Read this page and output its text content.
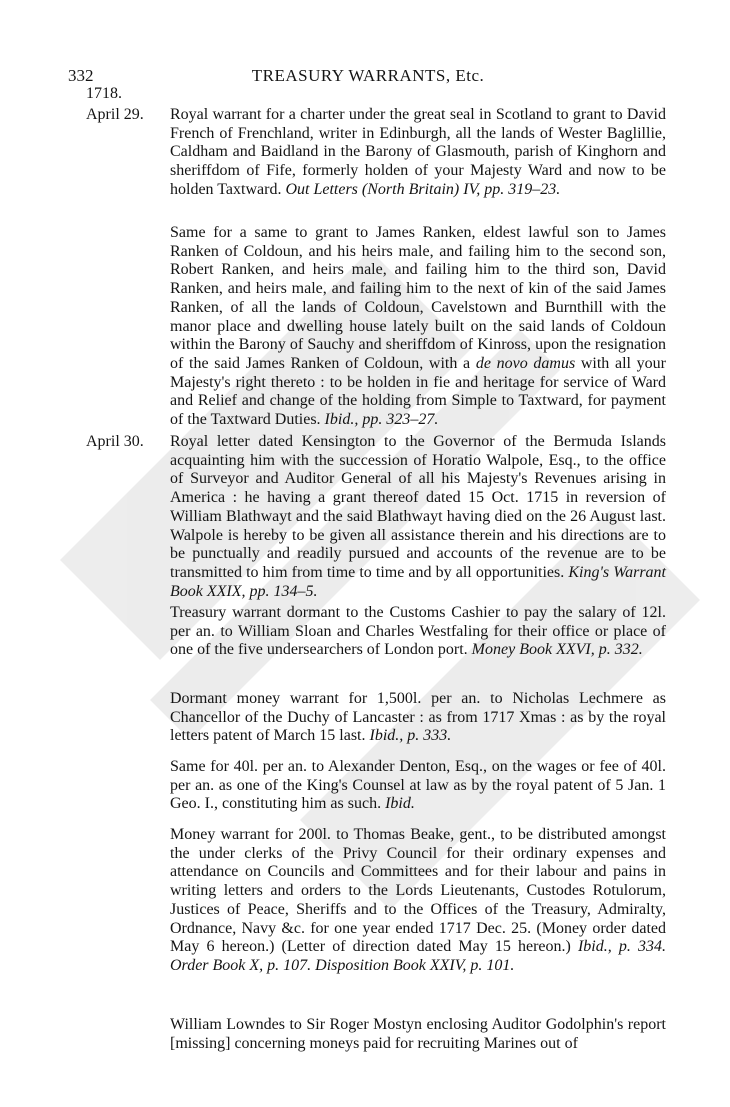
332	TREASURY WARRANTS, Etc.
1718.
April 29. Royal warrant for a charter under the great seal in Scotland to grant to David French of Frenchland, writer in Edinburgh, all the lands of Wester Baglillie, Caldham and Baidland in the Barony of Glasmouth, parish of Kinghorn and sheriffdom of Fife, formerly holden of your Majesty Ward and now to be holden Taxtward. Out Letters (North Britain) IV, pp. 319–23.
Same for a same to grant to James Ranken, eldest lawful son to James Ranken of Coldoun, and his heirs male, and failing him to the second son, Robert Ranken, and heirs male, and failing him to the third son, David Ranken, and heirs male, and failing him to the next of kin of the said James Ranken, of all the lands of Coldoun, Cavelstown and Burnthill with the manor place and dwelling house lately built on the said lands of Coldoun within the Barony of Sauchy and sheriffdom of Kinross, upon the resignation of the said James Ranken of Coldoun, with a de novo damus with all your Majesty's right thereto : to be holden in fie and heritage for service of Ward and Relief and change of the holding from Simple to Taxtward, for payment of the Taxtward Duties. Ibid., pp. 323–27.
April 30. Royal letter dated Kensington to the Governor of the Bermuda Islands acquainting him with the succession of Horatio Walpole, Esq., to the office of Surveyor and Auditor General of all his Majesty's Revenues arising in America : he having a grant thereof dated 15 Oct. 1715 in reversion of William Blathwayt and the said Blathwayt having died on the 26 August last. Walpole is hereby to be given all assistance therein and his directions are to be punctually and readily pursued and accounts of the revenue are to be transmitted to him from time to time and by all opportunities. King's Warrant Book XXIX, pp. 134–5.
Treasury warrant dormant to the Customs Cashier to pay the salary of 12l. per an. to William Sloan and Charles Westfaling for their office or place of one of the five undersearchers of London port. Money Book XXVI, p. 332.
Dormant money warrant for 1,500l. per an. to Nicholas Lechmere as Chancellor of the Duchy of Lancaster : as from 1717 Xmas : as by the royal letters patent of March 15 last. Ibid., p. 333.
Same for 40l. per an. to Alexander Denton, Esq., on the wages or fee of 40l. per an. as one of the King's Counsel at law as by the royal patent of 5 Jan. 1 Geo. I., constituting him as such. Ibid.
Money warrant for 200l. to Thomas Beake, gent., to be distributed amongst the under clerks of the Privy Council for their ordinary expenses and attendance on Councils and Committees and for their labour and pains in writing letters and orders to the Lords Lieutenants, Custodes Rotulorum, Justices of Peace, Sheriffs and to the Offices of the Treasury, Admiralty, Ordnance, Navy &c. for one year ended 1717 Dec. 25. (Money order dated May 6 hereon.) (Letter of direction dated May 15 hereon.) Ibid., p. 334. Order Book X, p. 107. Disposition Book XXIV, p. 101.
William Lowndes to Sir Roger Mostyn enclosing Auditor Godolphin's report [missing] concerning moneys paid for recruiting Marines out of
